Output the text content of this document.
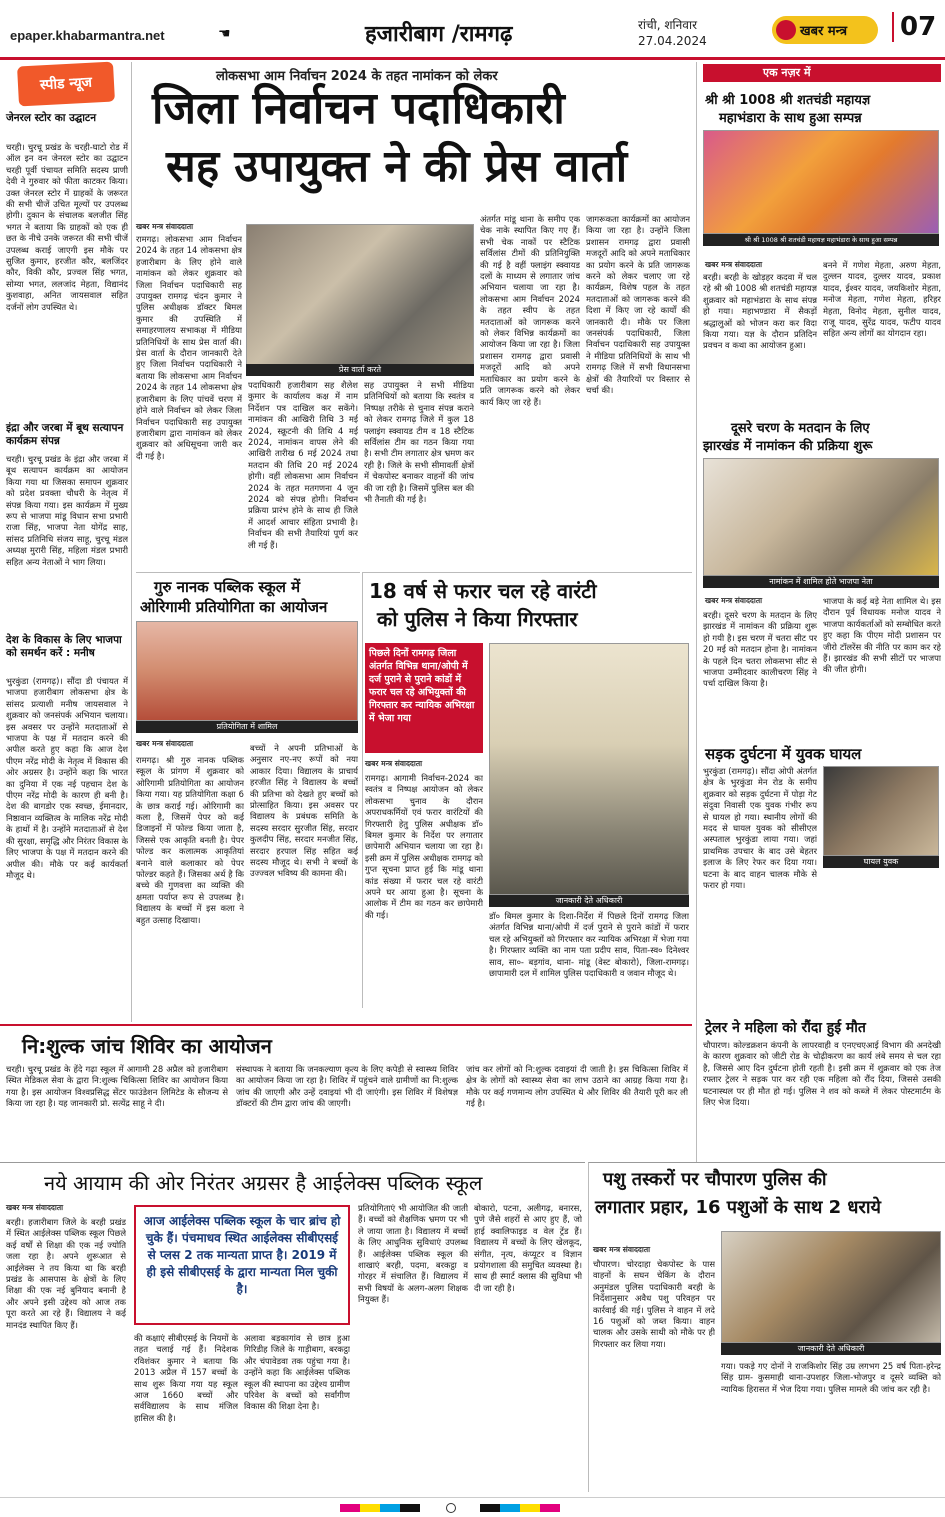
epaper.khabarmantra.net	☚	हजारीबाग /रामगढ़	रांची, शनिवार
27.04.2024
खबर मन्त्र	07
स्पीड न्यूज
जेनरल स्टोर का उद्घाटन
चरही। चुरचू प्रखंड के चरही-घाटो रोड में ऑल इन वन जेनरल स्टोर का उद्घाटन चरही पूर्वी पंचायत समिति सदस्य प्राणी देवी ने गुरुवार को फीता काटकर किया। उक्त जेनरल स्टोर में ग्राहकों के जरूरत की सभी चीजें उचित मूल्यों पर उपलब्ध होगी। दुकान के संचालक बलजीत सिंह भगत ने बताया कि ग्राहकों को एक ही छत के नीचे उनके जरूरत की सभी चीजें उपलब्ध कराई जाएगी इस मौके पर सुजित कुमार, हरजीत कौर, बलजिंदर कौर, विकी कौर, प्रज्वल सिंह भगत, सोम्या भगत, ललजांद मेहता, विद्यानंद कुशवाहा, अनित जायसवाल सहित दर्जनों लोग उपस्थित थे।
इंद्रा और जरबा में बूथ सत्यापन कार्यक्रम संपन्न
चरही। चुरचू प्रखंड के इंद्रा और जरबा में बूथ सत्यापन कार्यक्रम का आयोजन किया गया था जिसका समापन शुक्रवार को प्रदेश प्रवक्ता चौधरी के नेतृत्व में संपन्न किया गया। इस कार्यक्रम में मुख्य रूप से भाजपा मांडू विधान सभा प्रभारी राजा सिंह, भाजपा नेता योगेंद्र साह, सांसद प्रतिनिधि संजय साहू, चुरचू मंडल अध्यक्ष मुरारी सिंह, महिला मंडल प्रभारी सहित अन्य नेताओं ने भाग लिया।
देश के विकास के लिए भाजपा को समर्थन करें : मनीष
भुरकुंडा (रामगढ़)। सौंदा डी पंचायत में भाजपा हजारीबाग लोकसभा क्षेत्र के सांसद प्रत्याशी मनीष जायसवाल ने शुक्रवार को जनसंपर्क अभियान चलाया। इस अवसर पर उन्होंने मतदाताओं से भाजपा के पक्ष में मतदान करने की अपील करते हुए कहा कि आज देश पीएम नरेंद्र मोदी के नेतृत्व में विकास की ओर अग्रसर है। उन्होंने कहा कि भारत का दुनिया में एक नई पहचान देश के पीएम नरेंद्र मोदी के कारण ही बनी है। देश की बागडोर एक स्वच्छ, ईमानदार, निष्ठावान व्यक्तित्व के मालिक नरेंद्र मोदी के हाथों में है। उन्होंने मतदाताओं से देश की सुरक्षा, समृद्धि और निरंतर विकास के लिए भाजपा के पक्ष में मतदान करने की अपील की। मौके पर कई कार्यकर्ता मौजूद थे।
लोकसभा आम निर्वाचन 2024 के तहत नामांकन को लेकर
जिला निर्वाचन पदाधिकारी
सह उपायुक्त ने की प्रेस वार्ता
खबर मन्त्र संवाददाता
प्रेस वार्ता करते
रामगढ़। लोकसभा आम निर्वाचन 2024 के तहत 14 लोकसभा क्षेत्र हजारीबाग के लिए होने वाले नामांकन को लेकर शुक्रवार को जिला निर्वाचन पदाधिकारी सह उपायुक्त रामगढ़ चंदन कुमार ने पुलिस अधीक्षक डॉक्टर बिमल कुमार की उपस्थिति में समाहरणालय सभाकक्ष में मीडिया प्रतिनिधियों के साथ प्रेस वार्ता की। प्रेस वार्ता के दौरान जानकारी देते हुए जिला निर्वाचन पदाधिकारी ने बताया कि लोकसभा आम निर्वाचन 2024 के तहत 14 लोकसभा क्षेत्र हजारीबाग के लिए पांचवें चरण में होने वाले निर्वाचन को लेकर जिला निर्वाचन पदाधिकारी सह उपायुक्त हजारीबाग द्वारा नामांकन को लेकर शुक्रवार को अधिसूचना जारी कर दी गई है।
पदाधिकारी हजारीबाग सह शैलेश कुमार के कार्यालय कक्ष में नाम निर्देशन पत्र दाखिल कर सकेंगे। नामांकन की आखिरी तिथि 3 मई 2024, स्क्रूटनी की तिथि 4 मई 2024, नामांकन वापस लेने की आखिरी तारीख 6 मई 2024 तथा मतदान की तिथि 20 मई 2024 होगी। वहीं लोकसभा आम निर्वाचन 2024 के तहत मतगणना 4 जून 2024 को संपन्न होगी। निर्वाचन प्रक्रिया प्रारंभ होने के साथ ही जिले में आदर्श आचार संहिता प्रभावी है। निर्वाचन की सभी तैयारियां पूर्ण कर ली गई हैं।
सह उपायुक्त ने सभी मीडिया प्रतिनिधियों को बताया कि स्वतंत्र व निष्पक्ष तरीके से चुनाव संपन्न कराने को लेकर रामगढ़ जिले में कुल 18 फ्लाइंग स्क्वायड टीम व 18 स्टैटिक सर्विलांस टीम का गठन किया गया है। सभी टीम लगातार क्षेत्र भ्रमण कर रही है। जिले के सभी सीमावर्ती क्षेत्रों में चेकपोस्ट बनाकर वाहनों की जांच की जा रही है। जिसमें पुलिस बल की भी तैनाती की गई है।
अंतर्गत मांडू थाना के समीप एक चेक नाके स्थापित किए गए हैं। सभी चेक नाकों पर स्टैटिक सर्विलांस टीमों की प्रतिनियुक्ति की गई है वहीं फ्लाइंग स्क्वायड दलों के माध्यम से लगातार जांच अभियान चलाया जा रहा है। लोकसभा आम निर्वाचन 2024 के तहत स्वीप के तहत मतदाताओं को जागरूक करने को लेकर विभिन्न कार्यक्रमों का आयोजन किया जा रहा है। जिला प्रशासन रामगढ़ द्वारा प्रवासी मजदूरों आदि को अपने मताधिकार का प्रयोग करने के प्रति जागरूक करने को लेकर कार्य किए जा रहे हैं।
जागरूकता कार्यक्रमों का आयोजन किया जा रहा है। उन्होंने जिला प्रशासन रामगढ़ द्वारा प्रवासी मजदूरों आदि को अपने मताधिकार का प्रयोग करने के प्रति जागरूक करने को लेकर चलाए जा रहे कार्यक्रम, विशेष पहल के तहत मतदाताओं को जागरूक करने की दिशा में किए जा रहे कार्यों की जानकारी दी। मौके पर जिला जनसंपर्क पदाधिकारी, जिला निर्वाचन पदाधिकारी सह उपायुक्त ने मीडिया प्रतिनिधियों के साथ भी रामगढ़ जिले में सभी विधानसभा क्षेत्रों की तैयारियों पर विस्तार से चर्चा की।
गुरु नानक पब्लिक स्कूल में
ओरिगामी प्रतियोगिता का आयोजन
प्रतियोगिता में शामिल
खबर मन्त्र संवाददाता
रामगढ़। श्री गुरु नानक पब्लिक स्कूल के प्रांगण में शुक्रवार को ओरिगामी प्रतियोगिता का आयोजन किया गया। यह प्रतियोगिता कक्षा 6 के छात्र कराई गई। ओरिगामी का कला है, जिसमें पेपर को कई डिजाइनों में फोल्ड किया जाता है, जिससे एक आकृति बनती है। पेपर फोल्ड कर कलात्मक आकृतियां बनाने वाले कलाकार को पेपर फोल्डर कहते हैं। जिसका अर्थ है कि बच्चे की गुणवत्ता का व्यक्ति की क्षमता पर्याप्त रूप से उपलब्ध है। विद्यालय के बच्चों में इस कला ने बहुत उत्साह दिखाया।
बच्चों ने अपनी प्रतिभाओं के अनुसार नए-नए रूपों को नया आकार दिया। विद्यालय के प्राचार्य हरजीत सिंह ने विद्यालय के बच्चों की प्रतिभा को देखते हुए बच्चों को प्रोत्साहित किया। इस अवसर पर विद्यालय के प्रबंधक समिति के सदस्य सरदार सुरजीत सिंह, सरदार कुलदीप सिंह, सरदार मनजीत सिंह, सरदार हरपाल सिंह सहित कई सदस्य मौजूद थे। सभी ने बच्चों के उज्ज्वल भविष्य की कामना की।
18 वर्ष से फरार चल रहे वारंटी
को पुलिस ने किया गिरफ्तार
पिछले दिनों रामगढ़ जिला अंतर्गत विभिन्न थाना/ओपी में दर्ज पुराने से पुराने कांडों में फरार चल रहे अभियुक्तों की गिरफ्तार कर न्यायिक अभिरक्षा में भेजा गया
खबर मन्त्र संवाददाता
रामगढ़। आगामी निर्वाचन-2024 का स्वतंत्र व निष्पक्ष आयोजन को लेकर लोकसभा चुनाव के दौरान अपराधकर्मियों एवं फरार वारंटियों की गिरफ्तारी हेतु पुलिस अधीक्षक डॉ० बिमल कुमार के निर्देश पर लगातार छापेमारी अभियान चलाया जा रहा है। इसी क्रम में पुलिस अधीक्षक रामगढ़ को गुप्त सूचना प्राप्त हुई कि मांडू थाना कांड संख्या में फरार चल रहे वारंटी अपने घर आया हुआ है। सूचना के आलोक में टीम का गठन कर छापेमारी की गई।
जानकारी देते अधिकारी
डॉ० बिमल कुमार के दिशा-निर्देश में पिछले दिनों रामगढ़ जिला अंतर्गत विभिन्न थाना/ओपी में दर्ज पुराने से पुराने कांडों में फरार चल रहे अभियुक्तों को गिरफ्तार कर न्यायिक अभिरक्षा में भेजा गया है। गिरफ्तार व्यक्ति का नाम पता प्रदीप साव, पिता-स्व० दिनेश्वर साव, सा०- बड़गांव, थाना- मांडू (वेस्ट बोकारो), जिला-रामगढ़। छापामारी दल में शामिल पुलिस पदाधिकारी व जवान मौजूद थे।
नि:शुल्क जांच शिविर का आयोजन
चरही। चुरचू प्रखंड के हेंदे गढ़ा स्कूल में आगामी 28 अप्रैल को हजारीबाग स्थित मेडिकल सेवा के द्वारा नि:शुल्क चिकित्सा शिविर का आयोजन किया गया है। इस आयोजन विश्वप्रसिद्ध सेंटर फाउंडेशन लिमिटेड के सौजन्य से किया जा रहा है। यह जानकारी प्रो. सत्येंद्र साहू ने दी।
संस्थापक ने बताया कि जनकल्याण कृत्य के लिए कपेड़ी से स्वास्थ्य शिविर का आयोजन किया जा रहा है। शिविर में पहुंचने वाले ग्रामीणों का नि:शुल्क जांच की जाएगी और उन्हें दवाइयां भी दी जाएंगी। इस शिविर में विशेषज्ञ डॉक्टरों की टीम द्वारा जांच की जाएगी।
जांच कर लोगों को नि:शुल्क दवाइयां दी जाती है। इस चिकित्सा शिविर में क्षेत्र के लोगों को स्वास्थ्य सेवा का लाभ उठाने का आग्रह किया गया है। मौके पर कई गणमान्य लोग उपस्थित थे और शिविर की तैयारी पूरी कर ली गई है।
नये आयाम की ओर निरंतर अग्रसर है आईलेक्स पब्लिक स्कूल
खबर मन्त्र संवाददाता
बरही। हजारीबाग जिले के बरही प्रखंड में स्थित आईलेक्स पब्लिक स्कूल पिछले कई वर्षों से शिक्षा की एक नई ज्योति जला रहा है। अपने शुरूआत से आईलेक्स ने तय किया था कि बरही प्रखंड के आसपास के क्षेत्रों के लिए शिक्षा की एक नई बुनियाद बनानी है और अपने इसी उद्देश्य को आज तक पूरा करते आ रहे हैं। विद्यालय ने कई मानदंड स्थापित किए हैं।
आज आईलेक्स पब्लिक स्कूल के चार ब्रांच हो चुके हैं। पंचमाधव स्थित आईलेक्स सीबीएसई से प्लस 2 तक मान्यता प्राप्त है। 2019 में ही इसे सीबीएसई के द्वारा मान्यता मिल चुकी है।
की कक्षाएं सीबीएसई के नियमों के तहत चलाई गई हैं। निदेशक रविशंकर कुमार ने बताया कि 2013 अप्रैल में 157 बच्चों के साथ शुरू किया गया यह स्कूल आज 1660 बच्चों और सर्वविद्यालय के साथ मंजिल हासिल की है।
अलावा बड़कागांव से छात्र हुआ गिरिडीह जिले के गाड़ीबाग, बरकट्ठा और चंपावेडवा तक पहुंचा गया है। उन्होंने कहा कि आईलेक्स पब्लिक स्कूल की स्थापना का उद्देश्य ग्रामीण परिवेश के बच्चों को सर्वांगीण विकास की शिक्षा देना है।
प्रतियोगिताएं भी आयोजित की जाती हैं। बच्चों को शैक्षणिक भ्रमण पर भी ले जाया जाता है। विद्यालय में बच्चों के लिए आधुनिक सुविधाएं उपलब्ध हैं। आईलेक्स पब्लिक स्कूल की शाखाएं बरही, पदमा, बरकट्ठा व गोरहर में संचालित हैं। विद्यालय में सभी विषयों के अलग-अलग शिक्षक नियुक्त हैं।
बोकारो, पटना, अलीगढ़, बनारस, पुणे जैसे शहरों से आए हुए हैं, जो हाई क्वालिफाइड व वेल ट्रेंड हैं। विद्यालय में बच्चों के लिए खेलकूद, संगीत, नृत्य, कंप्यूटर व विज्ञान प्रयोगशाला की समुचित व्यवस्था है। साथ ही स्मार्ट क्लास की सुविधा भी दी जा रही है।
एक नज़र में
श्री श्री 1008 श्री शतचंडी महायज्ञ
महाभंडारा के साथ हुआ सम्पन्न
श्री श्री 1008 श्री शतचंडी महायज्ञ महाभंडारा के साथ हुआ सम्पन्न
खबर मन्त्र संवाददाता
बरही। बरही के खोड़हर कदवा में चल रहे श्री श्री 1008 श्री शतचंडी महायज्ञ शुक्रवार को महाभंडारा के साथ संपन्न हो गया। महाभण्डारा में सैकड़ों श्रद्धालुओं को भोजन करा कर विदा किया गया। यज्ञ के दौरान प्रतिदिन प्रवचन व कथा का आयोजन हुआ।
बनने में गणेश मेहता, अरुण मेहता, दुल्लन यादव, दुल्लर यादव, प्रकाश यादव, ईश्वर यादव, जयकिशोर मेहता, मनोज मेहता, गणेश मेहता, हरिहर मेहता, विनोद मेहता, सुनील यादव, राजू यादव, सुरेंद्र यादव, फटीप यादव सहित अन्य लोगों का योगदान रहा।
दूसरे चरण के मतदान के लिए
झारखंड में नामांकन की प्रक्रिया शुरू
नामांकन में शामिल होते भाजपा नेता
खबर मन्त्र संवाददाता
बरही। दूसरे चरण के मतदान के लिए झारखंड में नामांकन की प्रक्रिया शुरू हो गयी है। इस चरण में चतरा सीट पर 20 मई को मतदान होना है। नामांकन के पहले दिन चतरा लोकसभा सीट से भाजपा उम्मीदवार कालीचरण सिंह ने पर्चा दाखिल किया है।
भाजपा के कई बड़े नेता शामिल थे। इस दौरान पूर्व विधायक मनोज यादव ने भाजपा कार्यकर्ताओं को सम्बोधित करते हुए कहा कि पीएम मोदी प्रशासन पर जीरो टॉलरेंस की नीति पर काम कर रहे हैं। झारखंड की सभी सीटों पर भाजपा की जीत होगी।
सड़क दुर्घटना में युवक घायल
भुरकुंडा (रामगढ़)। सौंदा ओपी अंतर्गत क्षेत्र के भुरकुंडा मेन रोड के समीप शुक्रवार को सड़क दुर्घटना में पोड़ा गेट संदुवा निवासी एक युवक गंभीर रूप से घायल हो गया। स्थानीय लोगों की मदद से घायल युवक को सीसीएल अस्पताल भुरकुंडा लाया गया। जहां प्राथमिक उपचार के बाद उसे बेहतर इलाज के लिए रेफर कर दिया गया। घटना के बाद वाहन चालक मौके से फरार हो गया।
घायल युवक
ट्रेलर ने महिला को रौंदा हुई मौत
चौपारण। कोल्डक्रशन कंपनी के लापरवाही व एनएचएआई विभाग की अनदेखी के कारण शुक्रवार को जीटी रोड के चोढ़ीकरण का कार्य लंबे समय से चल रहा है, जिससे आए दिन दुर्घटना होती रहती है। इसी क्रम में शुक्रवार को एक तेज रफ्तार ट्रेलर ने सड़क पार कर रही एक महिला को रौंद दिया, जिससे उसकी घटनास्थल पर ही मौत हो गई। पुलिस ने शव को कब्जे में लेकर पोस्टमार्टम के लिए भेज दिया।
पशु तस्करों पर चौपारण पुलिस की
लगातार प्रहार, 16 पशुओं के साथ 2 धराये
खबर मन्त्र संवाददाता
चौपारण। चोरदाहा चेकपोस्ट के पास वाहनों के सघन चेकिंग के दौरान अनुमंडल पुलिस पदाधिकारी बरही के निर्देशानुसार अवैध पशु परिवहन पर कार्रवाई की गई। पुलिस ने वाहन में लदे 16 पशुओं को जब्त किया। वाहन चालक और उसके साथी को मौके पर ही गिरफ्तार कर लिया गया।	जानकारी देते अधिकारी
गया। पकड़े गए दोनों ने राजकिशोर सिंह उम्र लगभग 25 वर्ष पिता-हरेन्द्र सिंह ग्राम- कुसमाही थाना-उपशहर जिला-भोजपुर व दूसरे व्यक्ति को न्यायिक हिरासत में भेज दिया गया। पुलिस मामले की जांच कर रही है।
